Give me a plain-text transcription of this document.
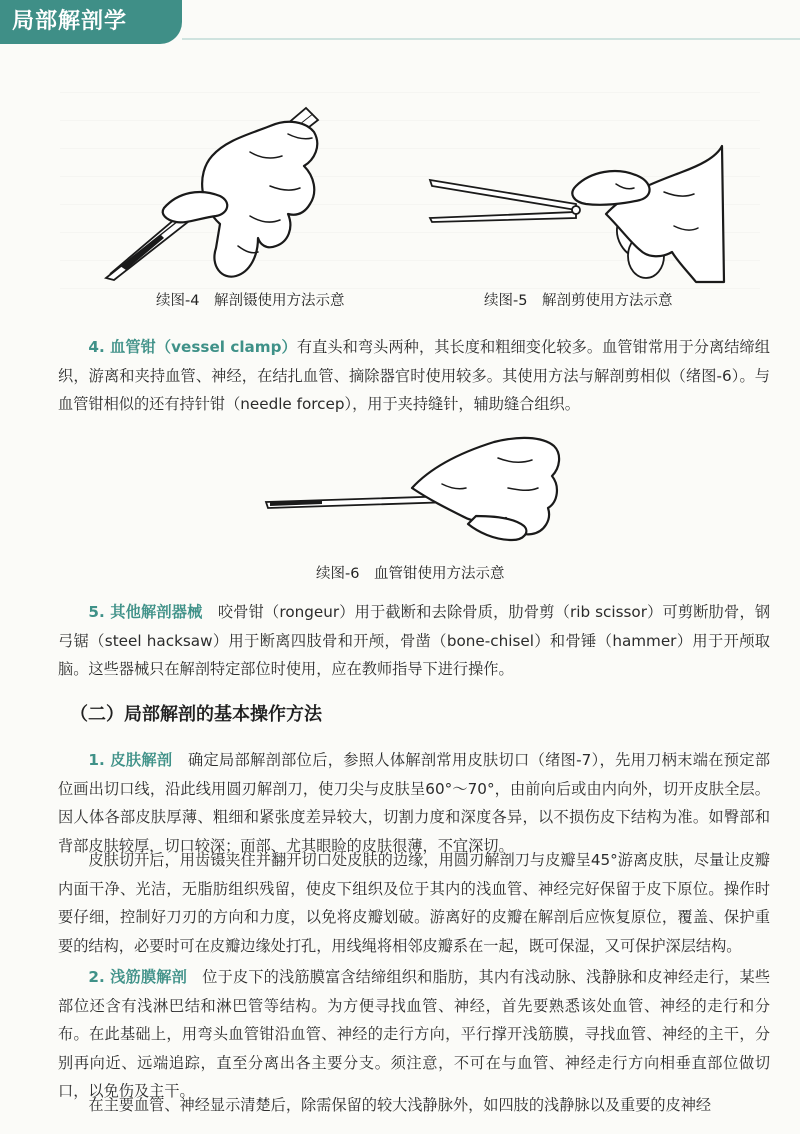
局部解剖学
续图-4　解剖镊使用方法示意	续图-5　解剖剪使用方法示意
4. 血管钳（vessel clamp）有直头和弯头两种，其长度和粗细变化较多。血管钳常用于分离结缔组织，游离和夹持血管、神经，在结扎血管、摘除器官时使用较多。其使用方法与解剖剪相似（绪图-6）。与血管钳相似的还有持针钳（needle forcep），用于夹持缝针，辅助缝合组织。
续图-6　血管钳使用方法示意
5. 其他解剖器械　 咬骨钳（rongeur）用于截断和去除骨质，肋骨剪（rib scissor）可剪断肋骨，钢弓锯（steel hacksaw）用于断离四肢骨和开颅，骨凿（bone-chisel）和骨锤（hammer）用于开颅取脑。这些器械只在解剖特定部位时使用，应在教师指导下进行操作。
（二）局部解剖的基本操作方法
1. 皮肤解剖　 确定局部解剖部位后，参照人体解剖常用皮肤切口（绪图-7），先用刀柄末端在预定部位画出切口线，沿此线用圆刃解剖刀，使刀尖与皮肤呈60°～70°，由前向后或由内向外，切开皮肤全层。因人体各部皮肤厚薄、粗细和紧张度差异较大，切割力度和深度各异，以不损伤皮下结构为准。如臀部和背部皮肤较厚，切口较深；面部、尤其眼睑的皮肤很薄，不宜深切。
皮肤切开后，用齿镊夹住并翻开切口处皮肤的边缘，用圆刃解剖刀与皮瓣呈45°游离皮肤，尽量让皮瓣内面干净、光洁，无脂肪组织残留，使皮下组织及位于其内的浅血管、神经完好保留于皮下原位。操作时要仔细，控制好刀刃的方向和力度，以免将皮瓣划破。游离好的皮瓣在解剖后应恢复原位，覆盖、保护重要的结构，必要时可在皮瓣边缘处打孔，用线绳将相邻皮瓣系在一起，既可保湿，又可保护深层结构。
2. 浅筋膜解剖　 位于皮下的浅筋膜富含结缔组织和脂肪，其内有浅动脉、浅静脉和皮神经走行，某些部位还含有浅淋巴结和淋巴管等结构。为方便寻找血管、神经，首先要熟悉该处血管、神经的走行和分布。在此基础上，用弯头血管钳沿血管、神经的走行方向，平行撑开浅筋膜，寻找血管、神经的主干，分别再向近、远端追踪，直至分离出各主要分支。须注意，不可在与血管、神经走行方向相垂直部位做切口，以免伤及主干。
在主要血管、神经显示清楚后，除需保留的较大浅静脉外，如四肢的浅静脉以及重要的皮神经
